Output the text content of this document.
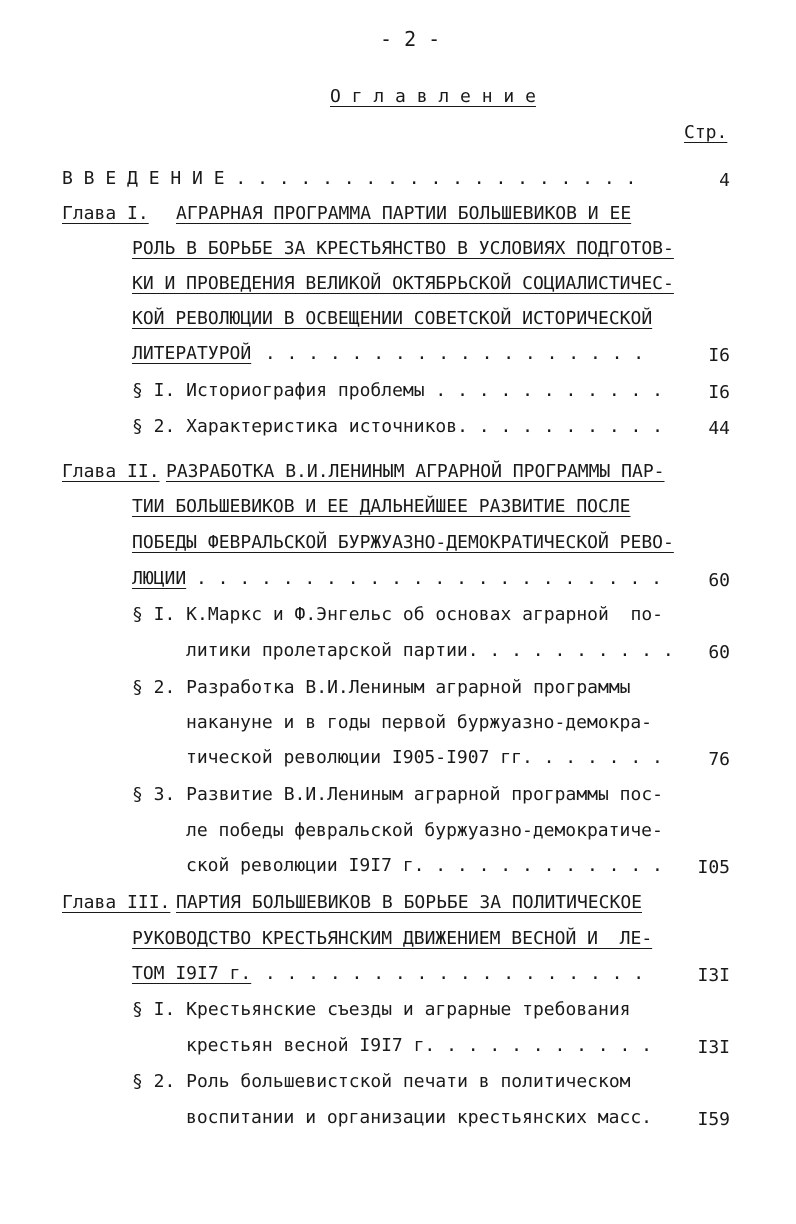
- 2 -
О г л а в л е н и е
Стр.
В В Е Д Е Н И Е . . . . . . . . . . . . . . . . . . .	4
Глава I. АГРАРНАЯ ПРОГРАММА ПАРТИИ БОЛЬШЕВИКОВ И ЕЕ
РОЛЬ В БОРЬБЕ ЗА КРЕСТЬЯНСТВО В УСЛОВИЯХ ПОДГОТОВ-
КИ И ПРОВЕДЕНИЯ ВЕЛИКОЙ ОКТЯБРЬСКОЙ СОЦИАЛИСТИЧЕС-
КОЙ РЕВОЛЮЦИИ В ОСВЕЩЕНИИ СОВЕТСКОЙ ИСТОРИЧЕСКОЙ
ЛИТЕРАТУРОЙ . . . . . . . . . . . . . . . . . .	I6
§ I. Историография проблемы . . . . . . . . . . .	I6
§ 2. Характеристика источников. . . . . . . . . .	44
Глава II. РАЗРАБОТКА В.И.ЛЕНИНЫМ АГРАРНОЙ ПРОГРАММЫ ПАР-
ТИИ БОЛЬШЕВИКОВ И ЕЕ ДАЛЬНЕЙШЕЕ РАЗВИТИЕ ПОСЛЕ
ПОБЕДЫ ФЕВРАЛЬСКОЙ БУРЖУАЗНО-ДЕМОКРАТИЧЕСКОЙ РЕВО-
ЛЮЦИИ . . . . . . . . . . . . . . . . . . . . . .	60
§ I. К.Маркс и Ф.Энгельс об основах аграрной  по-
литики пролетарской партии. . . . . . . . . .	60
§ 2. Разработка В.И.Лениным аграрной программы
накануне и в годы первой буржуазно-демокра-
тической революции I905-I907 гг. . . . . . .	76
§ 3. Развитие В.И.Лениным аграрной программы пос-
ле победы февральской буржуазно-демократиче-
ской революции I9I7 г. . . . . . . . . . . .	I05
Глава III. ПАРТИЯ БОЛЬШЕВИКОВ В БОРЬБЕ ЗА ПОЛИТИЧЕСКОЕ
РУКОВОДСТВО КРЕСТЬЯНСКИМ ДВИЖЕНИЕМ ВЕСНОЙ И  ЛЕ-
ТОМ I9I7 г. . . . . . . . . . . . . . . . . . .	I3I
§ I. Крестьянские съезды и аграрные требования
крестьян весной I9I7 г. . . . . . . . . . .	I3I
§ 2. Роль большевистской печати в политическом
воспитании и организации крестьянских масс.	I59
